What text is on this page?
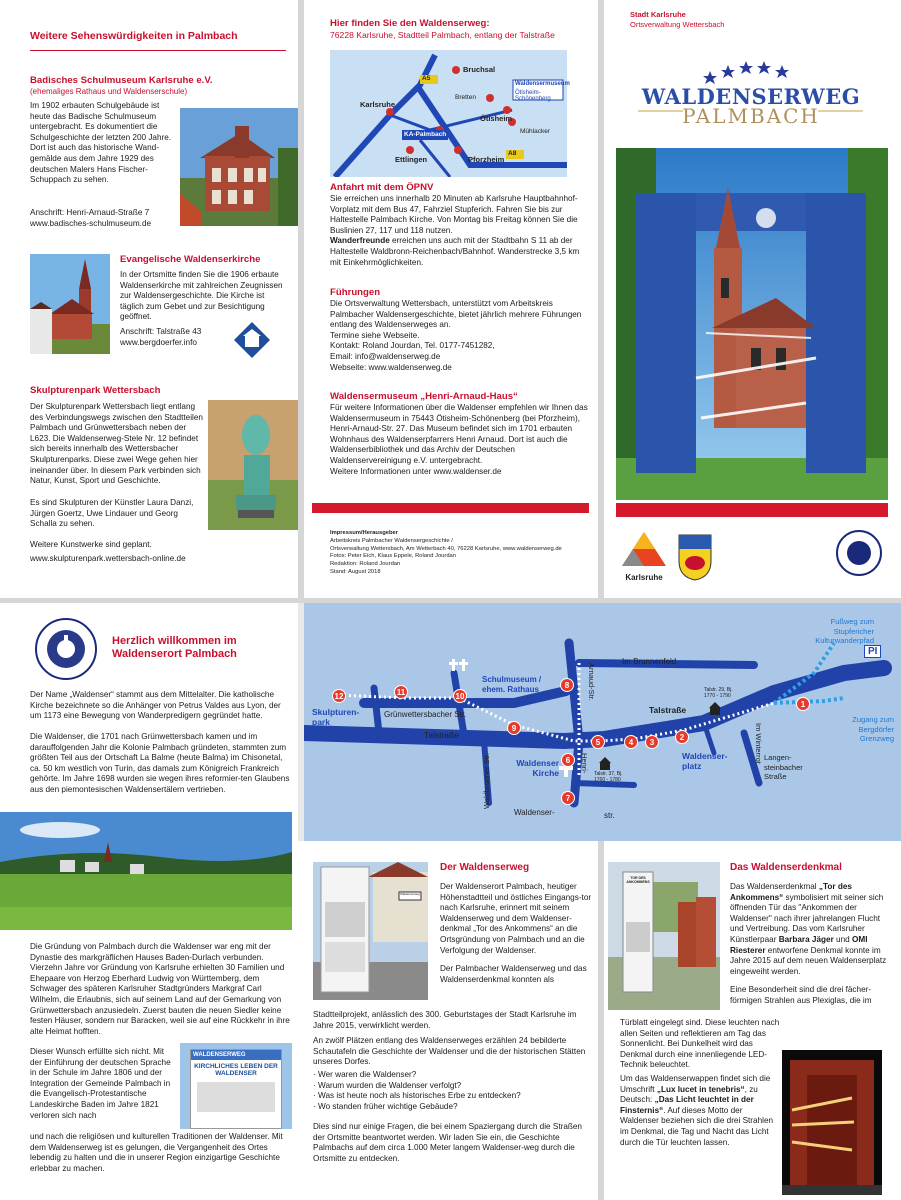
Weitere Sehenswürdigkeiten in Palmbach
Badisches Schulmuseum Karlsruhe e.V.
(ehemaliges Rathaus und Waldenserschule)
Im 1902 erbauten Schulgebäude ist heute das Badische Schulmuseum untergebracht. Es dokumentiert die Schulgeschichte der letzten 200 Jahre. Dort ist auch das historische Wand-gemälde aus dem Jahre 1929 des deutschen Malers Hans Fischer-Schuppach zu sehen.
Anschrift: Henri-Arnaud-Straße 7
www.badisches-schulmuseum.de
Evangelische Waldenserkirche
In der Ortsmitte finden Sie die 1906 erbaute Waldenserkirche mit zahlreichen Zeugnissen zur Waldensergeschichte. Die Kirche ist täglich zum Gebet und zur Besichtigung geöffnet.
Anschrift: Talstraße 43
www.bergdoerfer.info
Skulpturenpark Wettersbach
Der Skulpturenpark Wettersbach liegt entlang des Verbindungswegs zwischen den Stadtteilen Palmbach und Grünwettersbach neben der L623. Die Waldenserweg-Stele Nr. 12 befindet sich bereits innerhalb des Wettersbacher Skulpturenparks. Diese zwei Wege gehen hier ineinander über. In diesem Park verbinden sich Natur, Kunst, Sport und Geschichte.
Es sind Skulpturen der Künstler Laura Danzi, Jürgen Goertz, Uwe Lindauer und Georg Schalla zu sehen.
Weitere Kunstwerke sind geplant.
www.skulpturenpark.wettersbach-online.de
Hier finden Sie den Waldenserweg:
76228 Karlsruhe, Stadtteil Palmbach, entlang der Talstraße
A5
A8
Bruchsal
Karlsruhe
Bretten
Waldensermuseum
Ötisheim-Schönenberg
Ötisheim
Mühlacker
KA-Palmbach
Ettlingen	Pforzheim
Anfahrt mit dem ÖPNV
Sie erreichen uns innerhalb 20 Minuten ab Karlsruhe Hauptbahnhof-Vorplatz mit dem Bus 47, Fahrziel Stupferich. Fahren Sie bis zur Haltestelle Palmbach Kirche. Von Montag bis Freitag können Sie die Buslinien 27, 117 und 118 nutzen.
Wanderfreunde erreichen uns auch mit der Stadtbahn S 11 ab der Haltestelle Waldbronn-Reichenbach/Bahnhof. Wanderstrecke 3,5 km mit Einkehrmöglichkeiten.
Führungen
Die Ortsverwaltung Wettersbach, unterstützt vom Arbeitskreis Palmbacher Waldensergeschichte, bietet jährlich mehrere Führungen entlang des Waldenserweges an.
Termine siehe Webseite.
Kontakt: Roland Jourdan, Tel. 0177-7451282,
Email: info@waldenserweg.de
Webseite: www.waldenserweg.de
Waldensermuseum „Henri-Arnaud-Haus“
Für weitere Informationen über die Waldenser empfehlen wir Ihnen das Waldensermuseum in 75443 Ötisheim-Schönenberg (bei Pforzheim), Henri-Arnaud-Str. 27. Das Museum befindet sich im 1701 erbauten Wohnhaus des Waldenserpfarrers Henri Arnaud. Dort ist auch die Waldenserbibliothek und das Archiv der Deutschen Waldenservereinigung e.V. untergebracht.
Weitere Informationen unter www.waldenser.de
Impressum/Herausgeber
Arbeitskreis Palmbacher Waldensergeschichte /
Ortsverwaltung Wettersbach, Am Wetterbach 40, 76228 Karlsruhe, www.waldenserweg.de
Fotos: Peter Eich, Klaus Eppele, Roland Jourdan
Redaktion: Roland Jourdan
Stand: August 2018
Stadt Karlsruhe
Ortsverwaltung Wettersbach
WALDENSERWEG
PALMBACH
Karlsruhe
Herzlich willkommen im
Waldenserort Palmbach
Der Name „Waldenser“ stammt aus dem Mittelalter. Die katholische Kirche bezeichnete so die Anhänger von Petrus Valdes aus Lyon, der um 1173 eine Bewegung von Wanderpredigern gegründet hatte.
Die Waldenser, die 1701 nach Grünwettersbach kamen und im darauffolgenden Jahr die Kolonie Palmbach gründeten, stammten zum größten Teil aus der Ortschaft La Balme (heute Balma) im Chisonetal, ca. 50 km westlich von Turin, das damals zum Königreich Frankreich gehörte. Im Jahre 1698 wurden sie wegen ihres reformier-ten Glaubens aus den piemontesischen Waldensertälern vertrieben.
Die Gründung von Palmbach durch die Waldenser war eng mit der Dynastie des markgräflichen Hauses Baden-Durlach verbunden. Vierzehn Jahre vor Gründung von Karlsruhe erhielten 30 Familien und Ehepaare von Herzog Eberhard Ludwig von Württemberg, dem Schwager des späteren Karlsruher Stadtgründers Markgraf Carl Wilhelm, die Erlaubnis, sich auf seinem Land auf der Gemarkung von Grünwettersbach anzusiedeln. Zuerst bauten die neuen Siedler keine festen Häuser, sondern nur Baracken, weil sie auf eine Rückkehr in ihre alte Heimat hofften.
Dieser Wunsch erfüllte sich nicht. Mit der Einführung der deutschen Sprache in der Schule im Jahre 1806 und der Integration der Gemeinde Palmbach in die Evangelisch-Protestantische Landeskirche Baden im Jahre 1821 verloren sich nach
und nach die religiösen und kulturellen Traditionen der Waldenser. Mit dem Waldenserweg ist es gelungen, die Vergangenheit des Ortes lebendig zu halten und die in unserer Region einzigartige Geschichte erlebbar zu machen.
WALDENSERWEG
KIRCHLICHES LEBEN DER WALDENSER
1
2
3
4
5
6
7
8
9
10
11
12
Im Brunnenfeld
Fußweg zum
Stupfericher
Kulturwanderpfad
PI
Schulmuseum /
ehem. Rathaus	Arnaud-Str.
Henri-
Talstraße
Talstraße
Grünwettersbacher Str.
Skulpturen-
park
Langen-
steinbacher
Straße
Im Winterrot
Zugang zum
Bergdörfer
Grenzweg
Waldenser
Kirche
Waldenser-
platz
Waldbronner Str.
Waldenser-	str.
Talstr. 29, Bj. 1770 - 1790
Talstr. 37, Bj. 1760 - 1780
Waldenserweg
Der Waldenserweg
Der Waldenserort Palmbach, heutiger Höhenstadtteil und östliches Eingangs-tor nach Karlsruhe, erinnert mit seinem Waldenserweg und dem Waldenser-denkmal „Tor des Ankommens“ an die Ortsgründung von Palmbach und an die Verfolgung der Waldenser.
Der Palmbacher Waldenserweg und das Waldenserdenkmal konnten als
Stadtteilprojekt, anlässlich des 300. Geburtstages der Stadt Karlsruhe im Jahre 2015, verwirklicht werden.
An zwölf Plätzen entlang des Waldenserweges erzählen 24 bebilderte Schautafeln die Geschichte der Waldenser und die der historischen Stätten unseres Dorfes.
· Wer waren die Waldenser?
· Warum wurden die Waldenser verfolgt?
· Was ist heute noch als historisches Erbe zu entdecken?
· Wo standen früher wichtige Gebäude?
Dies sind nur einige Fragen, die bei einem Spaziergang durch die Straßen der Ortsmitte beantwortet werden. Wir laden Sie ein, die Geschichte Palmbachs auf dem circa 1.000 Meter langem Waldenser-weg durch die Ortsmitte zu entdecken.
TOR DES ANKOMMENS
Das Waldenserdenkmal
Das Waldenserdenkmal „Tor des Ankommens“ symbolisiert mit seiner sich öffnenden Tür das "Ankommen der Waldenser" nach ihrer jahrelangen Flucht und Vertreibung. Das vom Karlsruher Künstlerpaar Barbara Jäger und OMI Riesterer entworfene Denkmal konnte im Jahre 2015 auf dem neuen Waldenserplatz eingeweiht werden.
Eine Besonderheit sind die drei fächer-förmigen Strahlen aus Plexiglas, die im
Türblatt eingelegt sind. Diese leuchten nach allen Seiten und reflektieren am Tag das Sonnenlicht. Bei Dunkelheit wird das Denkmal durch eine innenliegende LED-Technik beleuchtet.
Um das Waldenserwappen findet sich die Umschrift „Lux lucet in tenebris“, zu Deutsch: „Das Licht leuchtet in der Finsternis“. Auf dieses Motto der Waldenser beziehen sich die drei Strahlen im Denkmal, die Tag und Nacht das Licht durch die Tür leuchten lassen.
